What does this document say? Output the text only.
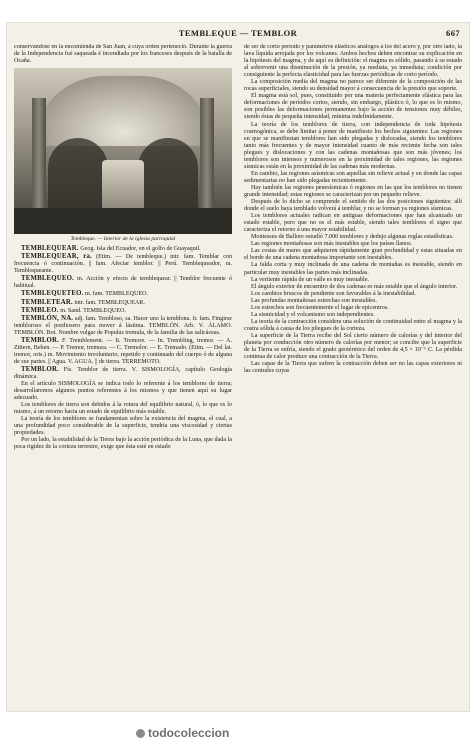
TEMBLEQUE — TEMBLOR	667

conservándose en la encomienda de San Juan, á cuya orden perteneció. Durante la guerra de la Independencia fué saqueada é incendiada por los franceses después de la batalla de Ocaña.

Tembleque. — Interior de la iglesia parroquial

TEMBLEQUEAR. Geog. Isla del Ecuador, en el golfo de Guayaquil.

TEMBLEQUEAR, ra. (Etim. — De tembleque.) intr. fam. Temblar con frecuencia ó continuación. || fam. Afectar temblor. || Perú. Temblequeador, ra. Tembloqueante.

TEMBLEQUEO. m. Acción y efecto de temblequear. || Temblor frecuente ó habitual.

TEMBLEQUETEO. m. fam. TEMBLEQUEO.

TEMBLETEAR. intr. fam. TEMBLEQUEAR.

TEMBLEO. m. Sand. TEMBLEQUEO.

TEMBLÓN, NA. adj. fam. Tembloso, sa. Hacer uno la temblona. fr. fam. Fingirse tembloroso el pordiosero para mover á lástima. TEMBLÓN. Arb. V. ÁLAMO. TEMBLÓN. Bot. Nombre vulgar de Populus tremula, de la familia de las salicáceas.

TEMBLOR. F. Tremblement. — It. Tremore. — In. Trembling, tremor. — A. Zittern, Beben. — P. Tremor, tremura. — C. Tremolor. — E. Tremado. (Etim. — Del lat. tremor, oris.) m. Movimiento involuntario, repetido y continuado del cuerpo ó de alguna de sus partes. || Agua. V. AGUA. || de tierra. TERREMOTO.

TEMBLOR. Fís. Temblor de tierra. V. SISMOLOGÍA, capítulo Geología dinámica.

En el artículo SISMOLOGÍA se indica todo lo referente á los temblores de tierra; desarrollaremos algunos puntos referentes á los mismos y que tienen aquí su lugar adecuado.

Los temblores de tierra son debidos á la rotura del equilibrio natural, ó, lo que es lo mismo, á un retorno hacia un estado de equilibrio más estable.

La teoría de los temblores se fundamentan sobre la existencia del magma, el cual, a una profundidad poco considerable de la superficie, tendría una viscosidad y ciertas propiedades.

Por un lado, la estabilidad de la Tierra bajo la acción periódica de la Luna, que dada la poca rigidez de la corteza terrestre, exige que ésta esté en estado

de ser de corto período y parámetros elásticos análogos á los del acero y, por otro lado, la lava líquida arrojada por los volcanes. Ambos hechos deben encontrar su explicación en la hipótesis del magma, y de aquí su definición: el magma es sólido, pasando á su estado al sobrevenir una disminución de la presión, ya mediata, ya inmediata; condición por consiguiente la perfecta elasticidad para las fuerzas periódicas de corto período.

La composición media del magma no parece ser diferente de la composición de las rocas superficiales, siendo su densidad mayor á consecuencia de la presión que soporte.

El magma está sol, pues, constituido por una materia perfectamente elástica para las deformaciones de períodos cortos, siendo, sin embargo, plástico ó, lo que es lo mismo, son posibles las deformaciones permanentes bajo la acción de tensiones muy débiles, siendo éstas de pequeña intensidad, mínima indefinidamente.

La teoría de los temblores de tierra, con independencia de toda hipótesis cosmogónica, se debe limitar á poner de manifiesto los hechos siguientes: Las regiones en que se manifiestan temblores han sido plegadas y dislocadas, siendo los temblores tanto más frecuentes y de mayor intensidad cuanto de más reciente fecha son tales plegues y dislocaciones y con las cadenas montañosas que son más jóvenes; los temblores son intensos y numerosos en la proximidad de tales regiones, las regiones sísmicas están en la proximidad de las cadenas más modernas.

En cambio, las regiones asísmicas son aquellas sin relieve actual y en donde las capas sedimentarias no han sido plegadas recientemente.

Hay también las regiones penesísmicas ó regiones en las que los temblores no tienen grande intensidad; estas regiones se caracterizan por un pequeño relieve.

Después de lo dicho se comprende el sentido de las dos posiciones siguientes: allí donde el suelo haya temblado volverá á temblar, y no se forman ya regiones sísmicas.

Los temblores actuales radican en antiguas deformaciones que han alcanzado un estado estable, pero que no es el más estable, siendo tales temblores el signo que caracteriza el retorno á una mayor estabilidad.

Montessus de Ballore estudió 7.000 temblores y dedujo algunas reglas estadísticas.

Las regiones montañosas son más inestables que los países llanos.

Las costas de mares que adquieren rápidamente gran profundidad y estas situadas en el borde de una cadena montañosa importante son inestables.

La falda corta y muy inclinada de una cadena de montañas es inestable, siendo en particular muy inestables las partes más inclinadas.

La vertiente rápida de un valle es muy inestable.

El ángulo exterior de encuentro de dos cadenas es más estable que el ángulo interior.

Los cambios bruscos de pendiente son favorables á la inestabilidad.

Las profundas montañosas estrechas son inestables.

Los estrechos son frecuentemente el lugar de epicentros.

La sismicidad y el volcanismo son independientes.

La teoría de la contracción considera una solución de continuidad entre el magma y la costra sólida á causa de los pliegues de la corteza.

La superficie de la Tierra recibe del Sol cierto número de calorías y del interior del planeta por conducción otro número de calorías por menor; se concibe que la superficie de la Tierra se enfría, siendo el grado geotérmico del orden de 4,5 × 10⁻⁶ C. La pérdida continua de calor produce una contracción de la Tierra.

Las capas de la Tierra que sufren la contracción deben ser no las capas exteriores ni las centrales cuyas

todocoleccion
